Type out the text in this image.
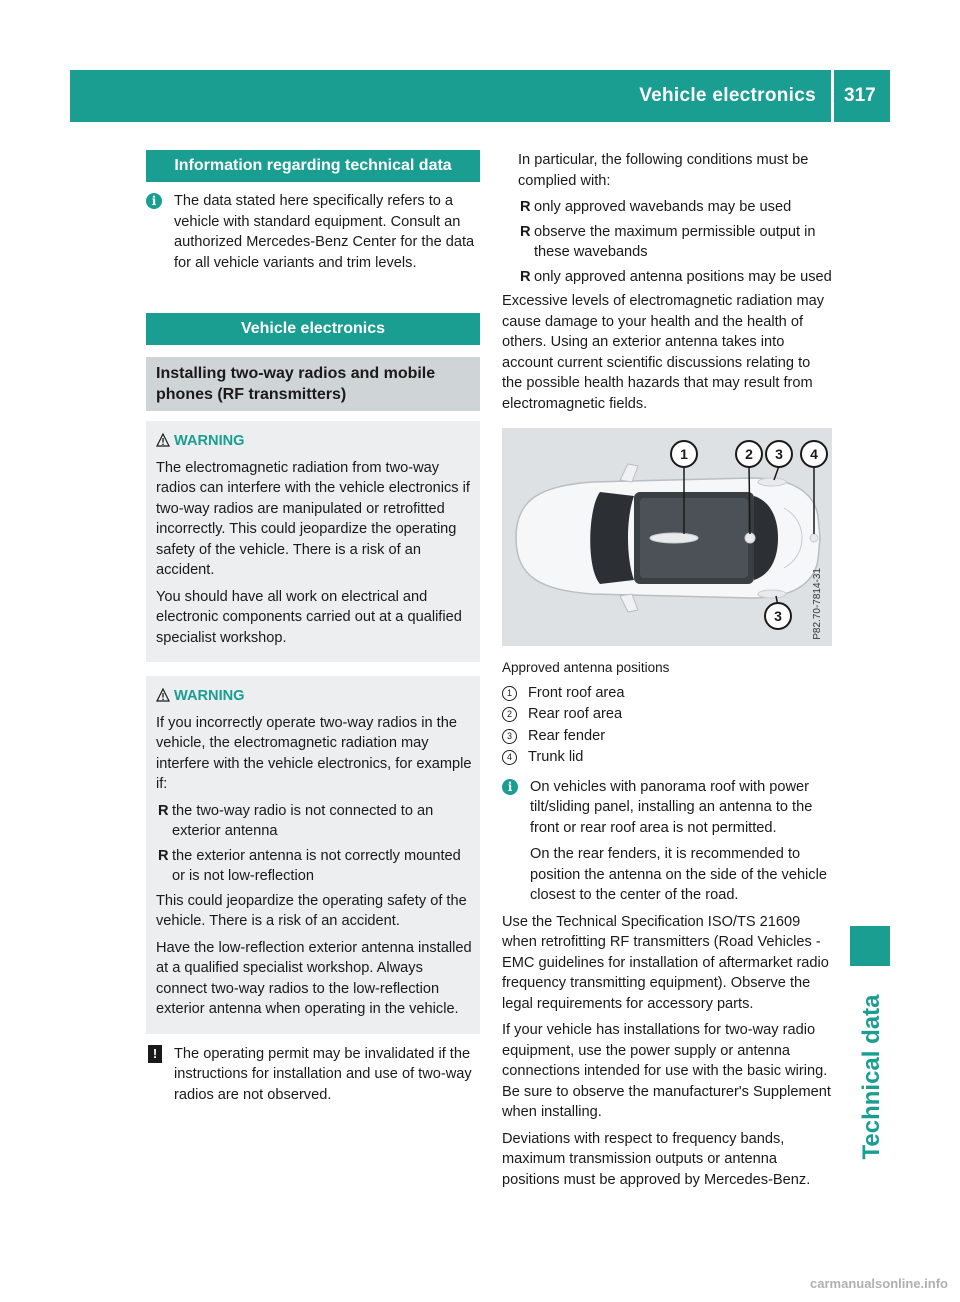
Vehicle electronics 317
Technical data
Information regarding technical data
i	The data stated here specifically refers to a vehicle with standard equipment. Consult an authorized Mercedes-Benz Center for the data for all vehicle variants and trim levels.
Vehicle electronics
Installing two-way radios and mobile phones (RF transmitters)
WARNING

The electromagnetic radiation from two-way radios can interfere with the vehicle electronics if two-way radios are manipulated or retrofitted incorrectly. This could jeopardize the operating safety of the vehicle. There is a risk of an accident.

You should have all work on electrical and electronic components carried out at a qualified specialist workshop.

WARNING

If you incorrectly operate two-way radios in the vehicle, the electromagnetic radiation may interfere with the vehicle electronics, for example if:

R the two-way radio is not connected to an exterior antenna
R the exterior antenna is not correctly mounted or is not low-reflection

This could jeopardize the operating safety of the vehicle. There is a risk of an accident.

Have the low-reflection exterior antenna installed at a qualified specialist workshop. Always connect two-way radios to the low-reflection exterior antenna when operating in the vehicle.

!	The operating permit may be invalidated if the instructions for installation and use of two-way radios are not observed.

In particular, the following conditions must be complied with:

R only approved wavebands may be used
R observe the maximum permissible output in these wavebands
R only approved antenna positions may be used

Excessive levels of electromagnetic radiation may cause damage to your health and the health of others. Using an exterior antenna takes into account current scientific discussions relating to the possible health hazards that may result from electromagnetic fields.

1	2	3	4
3	P82.70-7814-31

Approved antenna positions

1	Front roof area
2	Rear roof area
3	Rear fender
4	Trunk lid
i	On vehicles with panorama roof with power tilt/sliding panel, installing an antenna to the front or rear roof area is not permitted.

On the rear fenders, it is recommended to position the antenna on the side of the vehicle closest to the center of the road.

Use the Technical Specification ISO/TS 21609 when retrofitting RF transmitters (Road Vehicles - EMC guidelines for installation of aftermarket radio frequency transmitting equipment). Observe the legal requirements for accessory parts.

If your vehicle has installations for two-way radio equipment, use the power supply or antenna connections intended for use with the basic wiring. Be sure to observe the manufacturer's Supplement when installing.

Deviations with respect to frequency bands, maximum transmission outputs or antenna positions must be approved by Mercedes-Benz.

carmanualsonline.info
